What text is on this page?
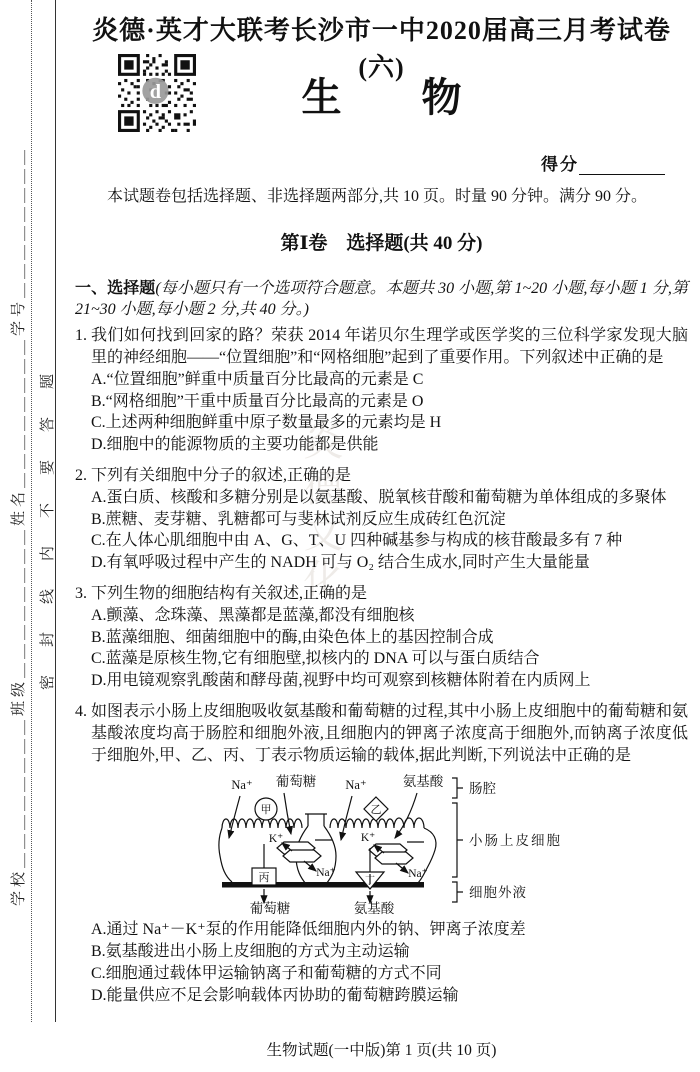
炎德文化
学校＿＿＿＿＿＿＿＿班级＿＿＿＿＿＿＿＿姓名＿＿＿＿＿＿＿＿学号＿＿＿＿＿＿＿＿ 密封线内不要答题
炎德·英才大联考长沙市一中2020届高三月考试卷(六)
d	生　　物
得分

本试题卷包括选择题、非选择题两部分,共 10 页。时量 90 分钟。满分 90 分。

第Ⅰ卷　选择题(共 40 分)

一、选择题(每小题只有一个选项符合题意。本题共 30 小题,第 1~20 小题,每小题 1 分,第 21~30 小题,每小题 2 分,共 40 分。)

1. 我们如何找到回家的路？荣获 2014 年诺贝尔生理学或医学奖的三位科学家发现大脑里的神经细胞——“位置细胞”和“网格细胞”起到了重要作用。下列叙述中正确的是
A.“位置细胞”鲜重中质量百分比最高的元素是 C
B.“网格细胞”干重中质量百分比最高的元素是 O
C.上述两种细胞鲜重中原子数量最多的元素均是 H
D.细胞中的能源物质的主要功能都是供能
2. 下列有关细胞中分子的叙述,正确的是
A.蛋白质、核酸和多糖分别是以氨基酸、脱氧核苷酸和葡萄糖为单体组成的多聚体
B.蔗糖、麦芽糖、乳糖都可与斐林试剂反应生成砖红色沉淀
C.在人体心肌细胞中由 A、G、T、U 四种碱基参与构成的核苷酸最多有 7 种
D.有氧呼吸过程中产生的 NADH 可与 O₂ 结合生成水,同时产生大量能量
3. 下列生物的细胞结构有关叙述,正确的是
A.颤藻、念珠藻、黑藻都是蓝藻,都没有细胞核
B.蓝藻细胞、细菌细胞中的酶,由染色体上的基因控制合成
C.蓝藻是原核生物,它有细胞壁,拟核内的 DNA 可以与蛋白质结合
D.用电镜观察乳酸菌和酵母菌,视野中均可观察到核糖体附着在内质网上
4. 如图表示小肠上皮细胞吸收氨基酸和葡萄糖的过程,其中小肠上皮细胞中的葡萄糖和氨基酸浓度均高于肠腔和细胞外液,且细胞内的钾离子浓度高于细胞外,而钠离子浓度低于细胞外,甲、乙、丙、丁表示物质运输的载体,据此判断,下列说法中正确的是
Na⁺ 葡萄糖 Na⁺	氨基酸
甲	乙
K⁺
Na⁺
K⁺
Na⁺
丙	丁
葡萄糖	氨基酸
肠腔
小肠上皮细胞
细胞外液
A.通过 Na⁺－K⁺泵的作用能降低细胞内外的钠、钾离子浓度差
B.氨基酸进出小肠上皮细胞的方式为主动运输
C.细胞通过载体甲运输钠离子和葡萄糖的方式不同
D.能量供应不足会影响载体丙协助的葡萄糖跨膜运输
生物试题(一中版)第 1 页(共 10 页)
